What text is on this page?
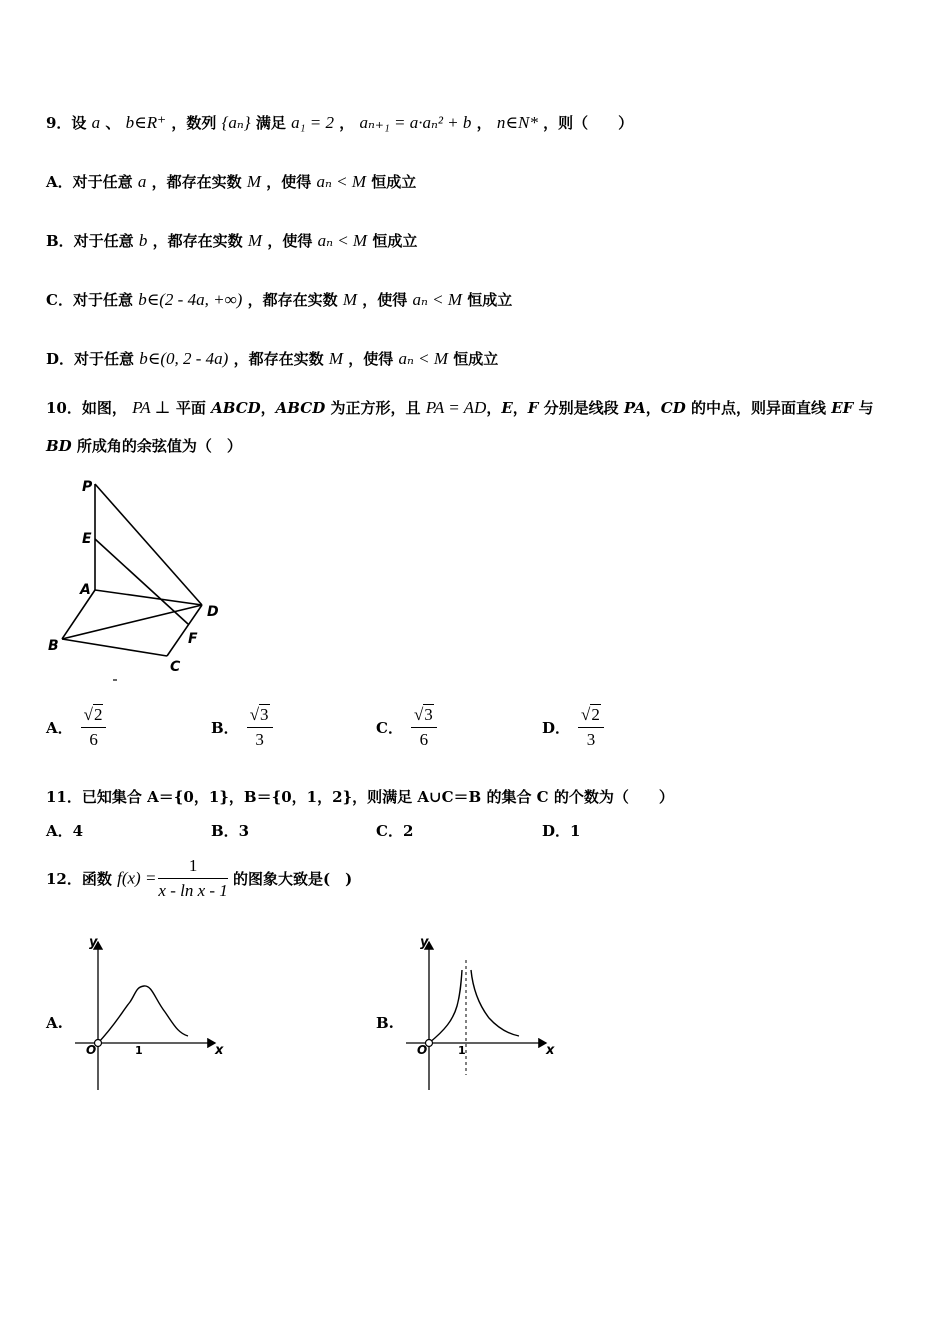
9．设 a 、 b∈R⁺ ，数列 {aₙ} 满足 a₁ = 2 ， aₙ₊₁ = a·aₙ² + b ， n∈N* ，则（　　）
A．对于任意 a ，都存在实数 M ，使得 aₙ < M 恒成立
B．对于任意 b ，都存在实数 M ，使得 aₙ < M 恒成立
C．对于任意 b∈(2 - 4a, +∞) ，都存在实数 M ，使得 aₙ < M 恒成立
D．对于任意 b∈(0, 2 - 4a) ，都存在实数 M ，使得 aₙ < M 恒成立
10．如图， PA ⊥ 平面 ABCD，ABCD 为正方形，且 PA = AD，E，F 分别是线段 PA，CD 的中点，则异面直线 EF 与
BD 所成角的余弦值为（　）
P
E
A
D
B	F
C
A． $\frac{√2}{6}$	B． $\frac{√3}{3}$	C． $\frac{√3}{6}$	D． $\frac{√2}{3}$
11．已知集合 A＝{0，1}，B＝{0，1，2}，则满足 A∪C＝B 的集合 C 的个数为（　　）
A．4	B．3	C．2	D．1
12．函数 $f(x) = \frac{1}{\text{x - ln x - 1}}$ 的图象大致是(　)
A.
y
x
O	1
B.
y
x
O	1
